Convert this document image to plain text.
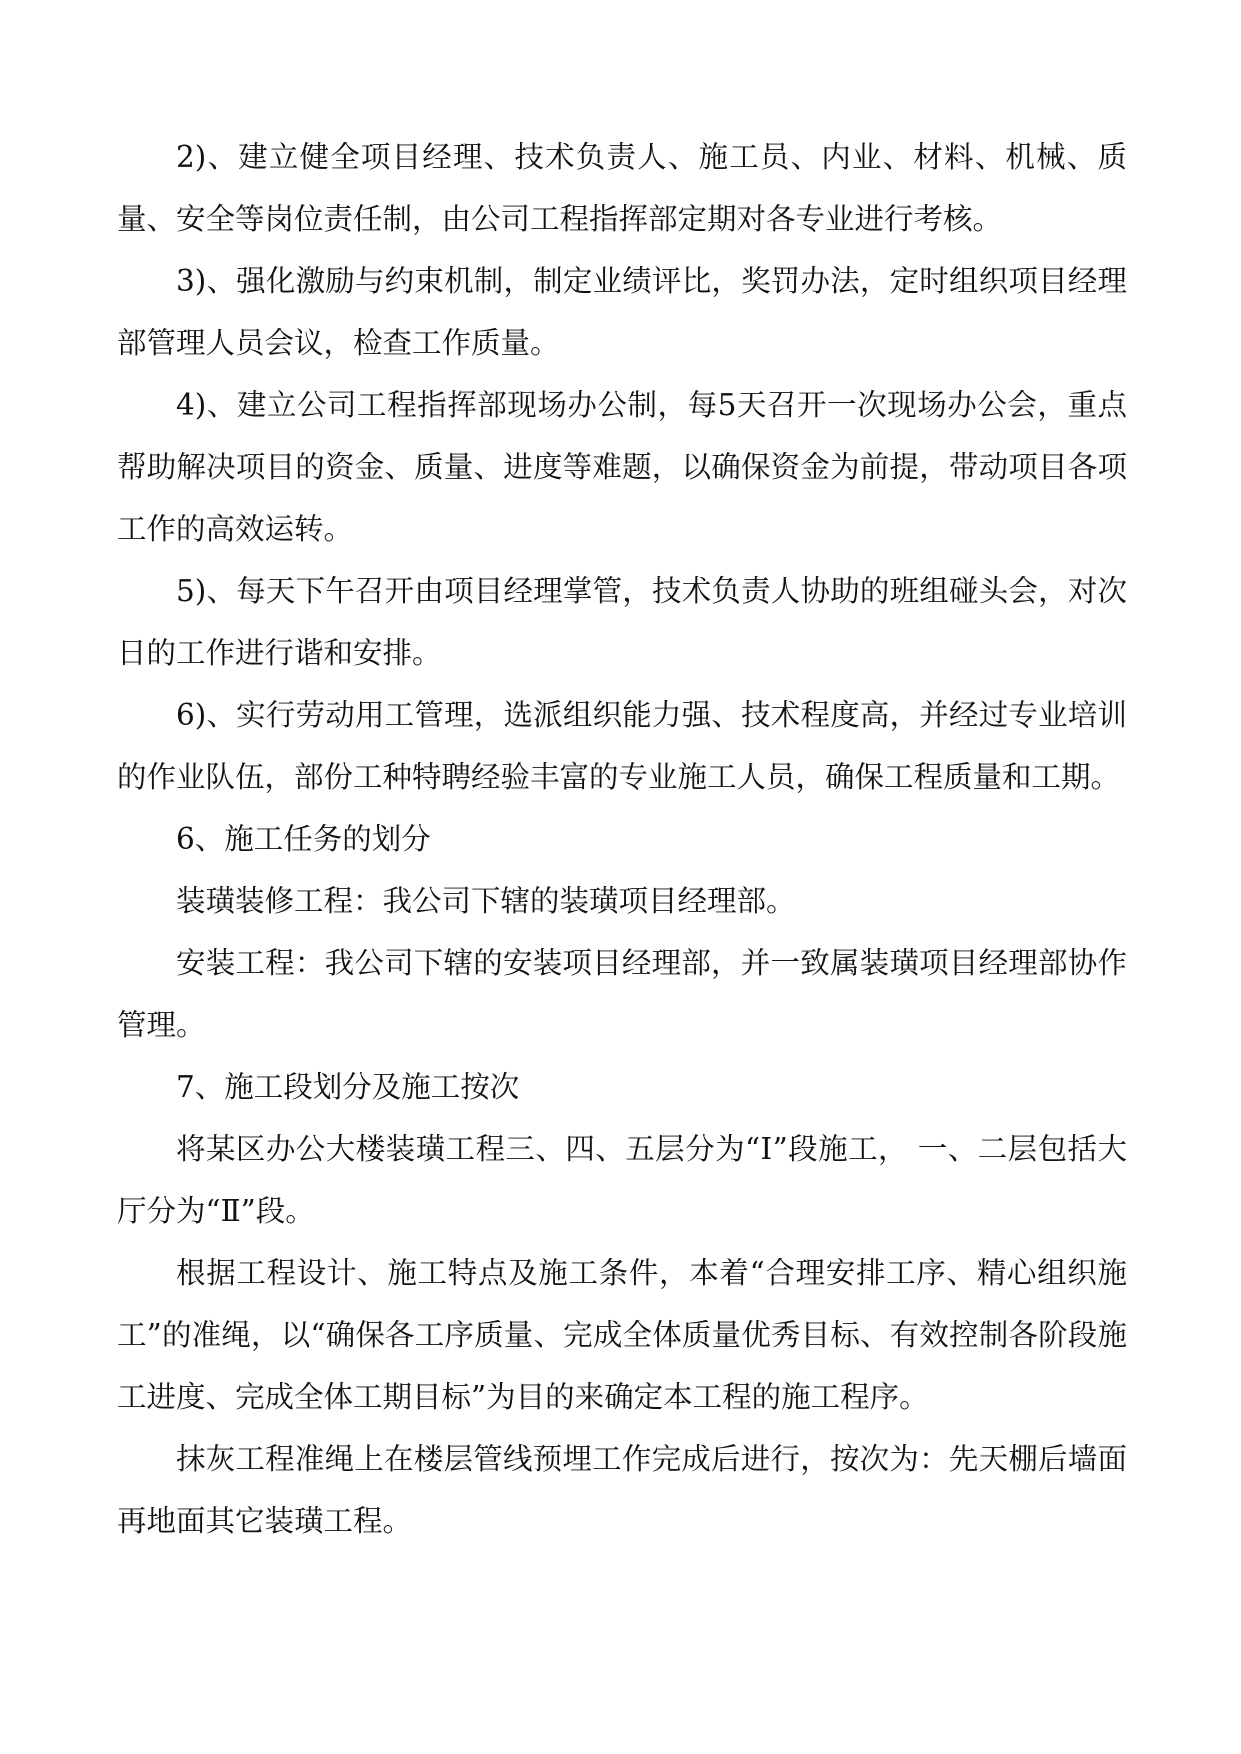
2)、建立健全项目经理、技术负责人、施工员、内业、材料、机械、质量、安全等岗位责任制，由公司工程指挥部定期对各专业进行考核。

3)、强化激励与约束机制，制定业绩评比，奖罚办法，定时组织项目经理部管理人员会议，检查工作质量。

4)、建立公司工程指挥部现场办公制，每5天召开一次现场办公会，重点帮助解决项目的资金、质量、进度等难题，以确保资金为前提，带动项目各项工作的高效运转。

5)、每天下午召开由项目经理掌管，技术负责人协助的班组碰头会，对次日的工作进行谐和安排。

6)、实行劳动用工管理，选派组织能力强、技术程度高，并经过专业培训的作业队伍，部份工种特聘经验丰富的专业施工人员，确保工程质量和工期。

6、施工任务的划分

装璜装修工程：我公司下辖的装璜项目经理部。

安装工程：我公司下辖的安装项目经理部，并一致属装璜项目经理部协作管理。

7、施工段划分及施工按次

将某区办公大楼装璜工程三、四、五层分为“Ⅰ”段施工， 一、二层包括大厅分为“Ⅱ”段。

根据工程设计、施工特点及施工条件，本着“合理安排工序、精心组织施工”的准绳，以“确保各工序质量、完成全体质量优秀目标、有效控制各阶段施工进度、完成全体工期目标”为目的来确定本工程的施工程序。

抹灰工程准绳上在楼层管线预埋工作完成后进行，按次为：先天棚后墙面再地面其它装璜工程。
